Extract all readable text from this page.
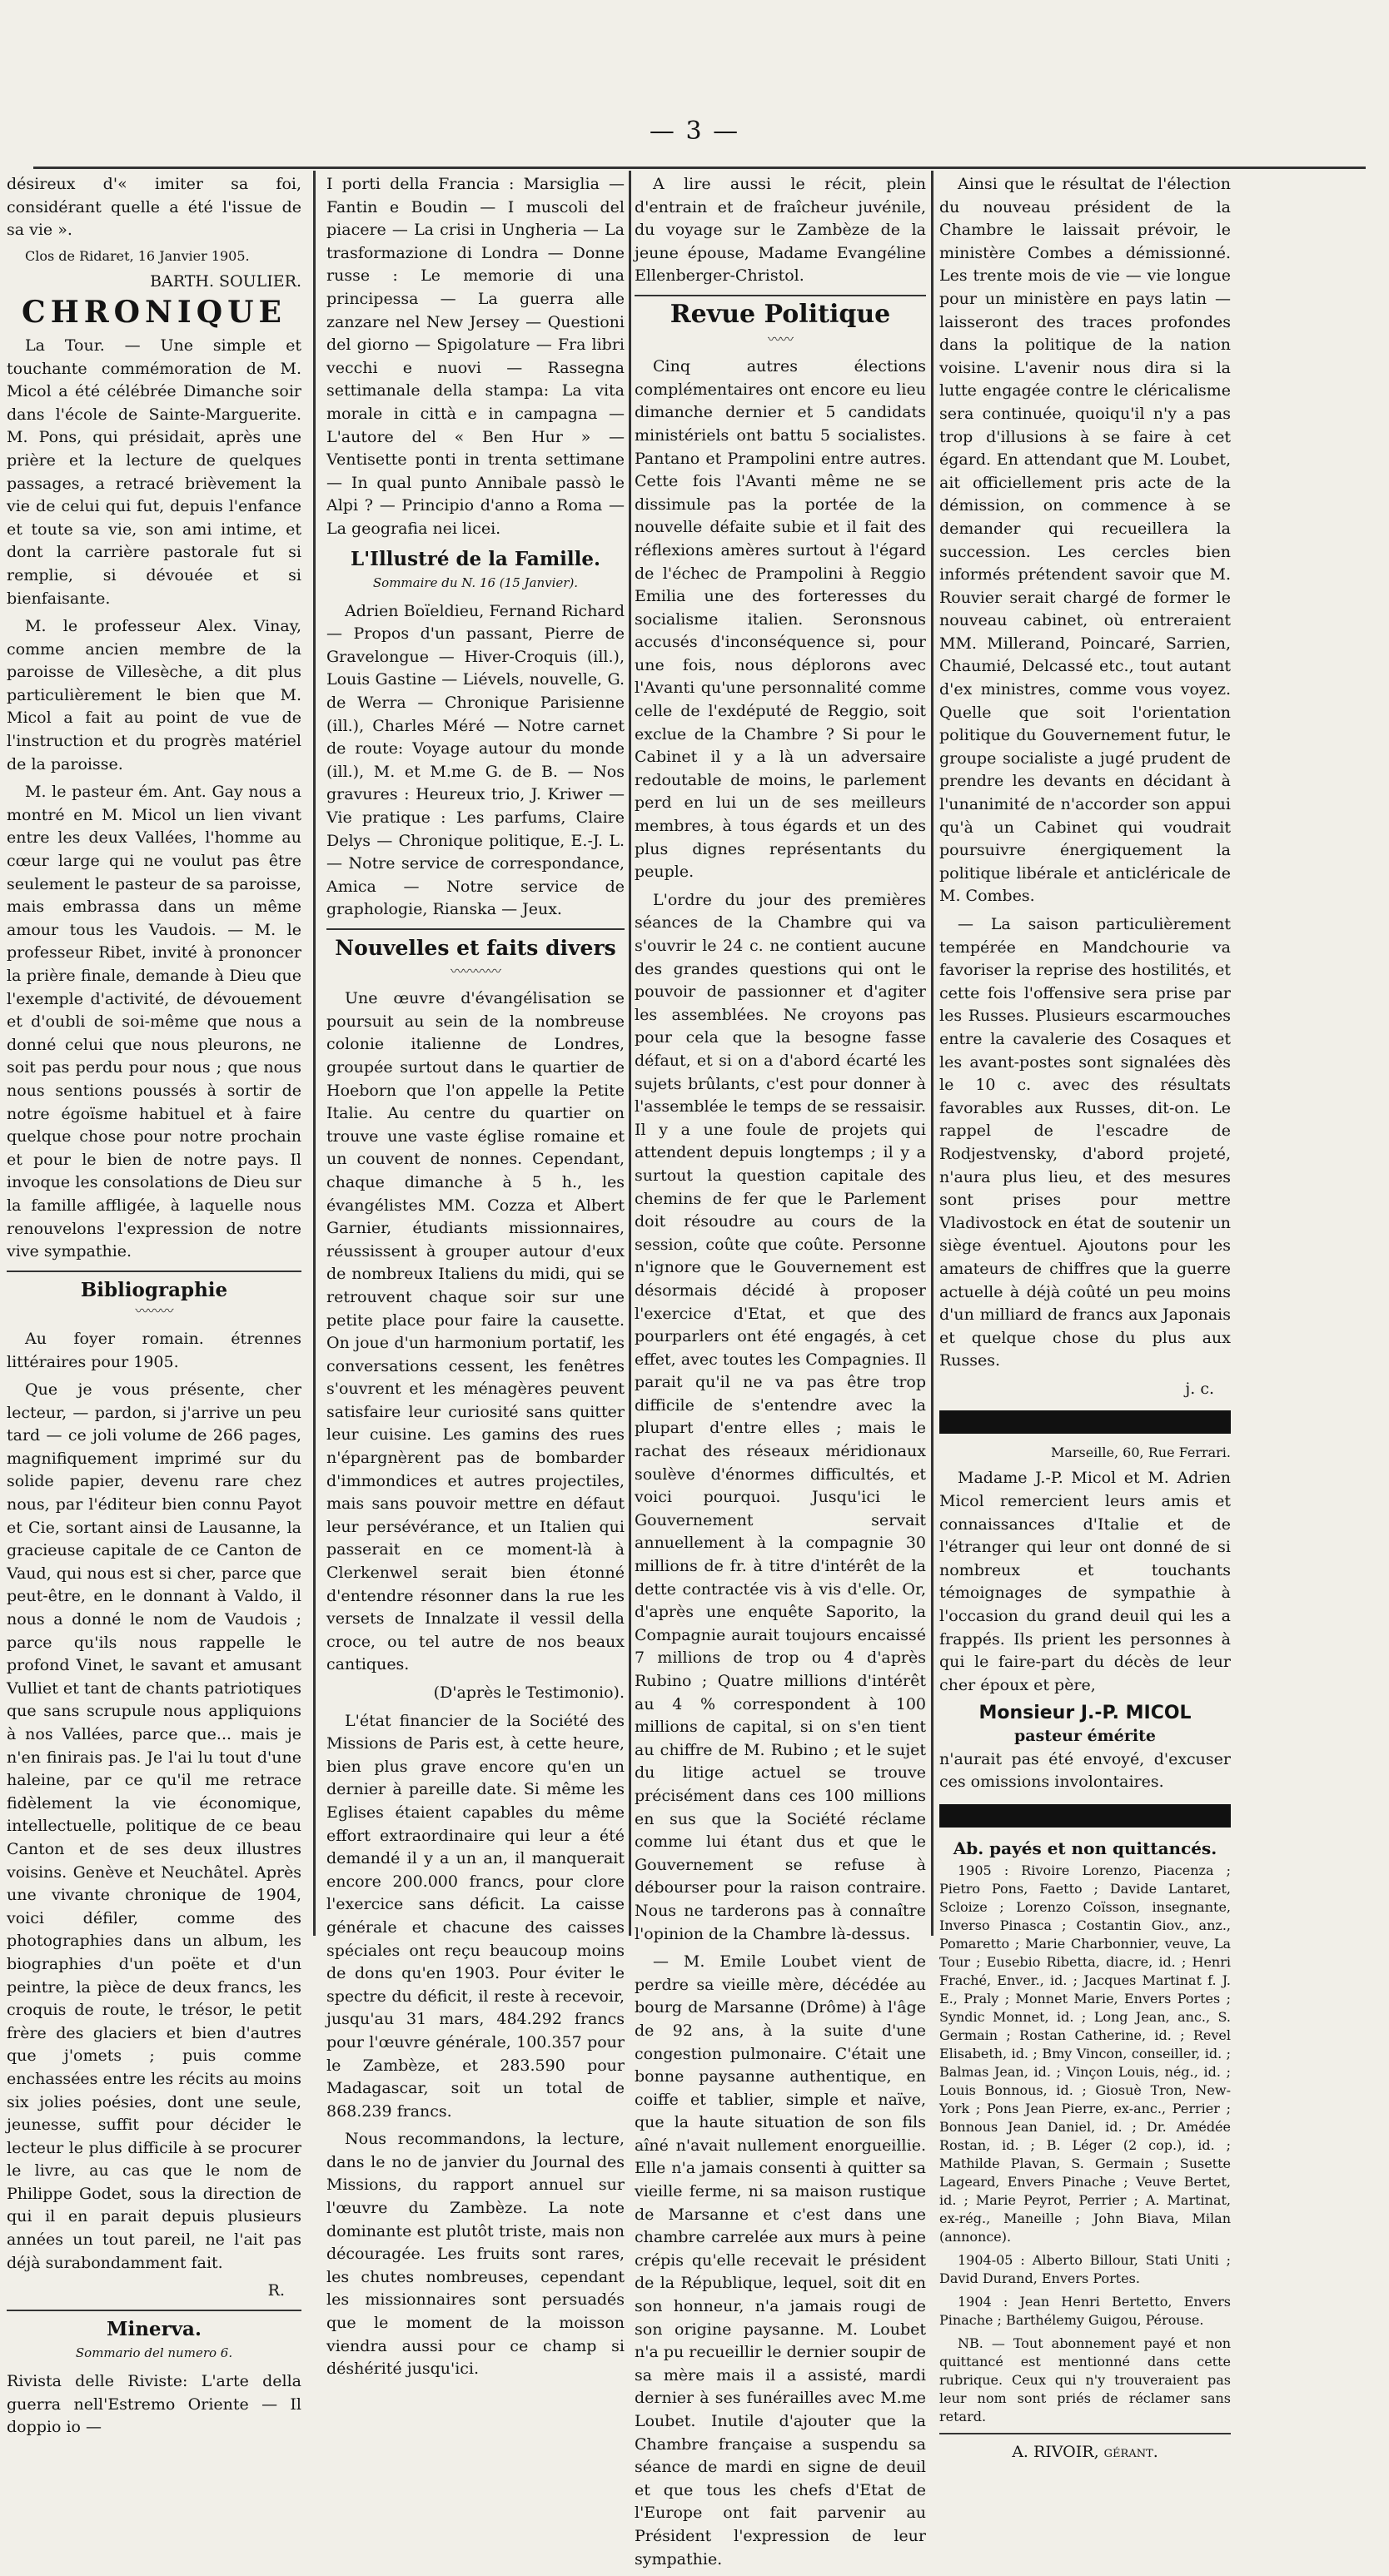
— 3 —

désireux d'« imiter sa foi, considérant quelle a été l'issue de sa vie ».

Clos de Ridaret, 16 Janvier 1905.

BARTH. SOULIER.

CHRONIQUE

La Tour. — Une simple et touchante commémoration de M. Micol a été célébrée Dimanche soir dans l'école de Sainte-Marguerite. M. Pons, qui présidait, après une prière et la lecture de quelques passages, a retracé brièvement la vie de celui qui fut, depuis l'enfance et toute sa vie, son ami intime, et dont la carrière pastorale fut si remplie, si dévouée et si bienfaisante.

M. le professeur Alex. Vinay, comme ancien membre de la paroisse de Villesèche, a dit plus particulièrement le bien que M. Micol a fait au point de vue de l'instruction et du progrès matériel de la paroisse.

M. le pasteur ém. Ant. Gay nous a montré en M. Micol un lien vivant entre les deux Vallées, l'homme au cœur large qui ne voulut pas être seulement le pasteur de sa paroisse, mais embrassa dans un même amour tous les Vaudois. — M. le professeur Ribet, invité à prononcer la prière finale, demande à Dieu que l'exemple d'activité, de dévouement et d'oubli de soi-même que nous a donné celui que nous pleurons, ne soit pas perdu pour nous ; que nous nous sentions poussés à sortir de notre égoïsme habituel et à faire quelque chose pour notre prochain et pour le bien de notre pays. Il invoque les consolations de Dieu sur la famille affligée, à laquelle nous renouvelons l'expression de notre vive sympathie.

Bibliographie
〰〰〰

Au foyer romain. étrennes littéraires pour 1905.

Que je vous présente, cher lecteur, — pardon, si j'arrive un peu tard — ce joli volume de 266 pages, magnifiquement imprimé sur du solide papier, devenu rare chez nous, par l'éditeur bien connu Payot et Cie, sortant ainsi de Lausanne, la gracieuse capitale de ce Canton de Vaud, qui nous est si cher, parce que peut-être, en le donnant à Valdo, il nous a donné le nom de Vaudois ; parce qu'ils nous rappelle le profond Vinet, le savant et amusant Vulliet et tant de chants patriotiques que sans scrupule nous appliquions à nos Vallées, parce que... mais je n'en finirais pas. Je l'ai lu tout d'une haleine, par ce qu'il me retrace fidèlement la vie économique, intellectuelle, politique de ce beau Canton et de ses deux illustres voisins. Genève et Neuchâtel. Après une vivante chronique de 1904, voici défiler, comme des photographies dans un album, les biographies d'un poëte et d'un peintre, la pièce de deux francs, les croquis de route, le trésor, le petit frère des glaciers et bien d'autres que j'omets ; puis comme enchassées entre les récits au moins six jolies poésies, dont une seule, jeunesse, suffit pour décider le lecteur le plus difficile à se procurer le livre, au cas que le nom de Philippe Godet, sous la direction de qui il en parait depuis plusieurs années un tout pareil, ne l'ait pas déjà surabondamment fait.

R.

Minerva.
Sommario del numero 6.

Rivista delle Riviste: L'arte della guerra nell'Estremo Oriente — Il doppio io —

I porti della Francia : Marsiglia — Fantin e Boudin — I muscoli del piacere — La crisi in Ungheria — La trasformazione di Londra — Donne russe : Le memorie di una principessa — La guerra alle zanzare nel New Jersey — Questioni del giorno — Spigolature — Fra libri vecchi e nuovi — Rassegna settimanale della stampa: La vita morale in città e in campagna — L'autore del « Ben Hur » — Ventisette ponti in trenta settimane — In qual punto Annibale passò le Alpi ? — Principio d'anno a Roma — La geografia nei licei.

L'Illustré de la Famille.
Sommaire du N. 16 (15 Janvier).

Adrien Boïeldieu, Fernand Richard — Propos d'un passant, Pierre de Gravelongue — Hiver-Croquis (ill.), Louis Gastine — Liévels, nouvelle, G. de Werra — Chronique Parisienne (ill.), Charles Méré — Notre carnet de route: Voyage autour du monde (ill.), M. et M.me G. de B. — Nos gravures : Heureux trio, J. Kriwer — Vie pratique : Les parfums, Claire Delys — Chronique politique, E.-J. L. — Notre service de correspondance, Amica — Notre service de graphologie, Rianska — Jeux.

Nouvelles et faits divers
〰〰〰〰

Une œuvre d'évangélisation se poursuit au sein de la nombreuse colonie italienne de Londres, groupée surtout dans le quartier de Hoeborn que l'on appelle la Petite Italie. Au centre du quartier on trouve une vaste église romaine et un couvent de nonnes. Cependant, chaque dimanche à 5 h., les évangélistes MM. Cozza et Albert Garnier, étudiants missionnaires, réussissent à grouper autour d'eux de nombreux Italiens du midi, qui se retrouvent chaque soir sur une petite place pour faire la causette. On joue d'un harmonium portatif, les conversations cessent, les fenêtres s'ouvrent et les ménagères peuvent satisfaire leur curiosité sans quitter leur cuisine. Les gamins des rues n'épargnèrent pas de bombarder d'immondices et autres projectiles, mais sans pouvoir mettre en défaut leur persévérance, et un Italien qui passerait en ce moment-là à Clerkenwel serait bien étonné d'entendre résonner dans la rue les versets de Innalzate il vessil della croce, ou tel autre de nos beaux cantiques.

(D'après le Testimonio).

L'état financier de la Société des Missions de Paris est, à cette heure, bien plus grave encore qu'en un dernier à pareille date. Si même les Eglises étaient capables du même effort extraordinaire qui leur a été demandé il y a un an, il manquerait encore 200.000 francs, pour clore l'exercice sans déficit. La caisse générale et chacune des caisses spéciales ont reçu beaucoup moins de dons qu'en 1903. Pour éviter le spectre du déficit, il reste à recevoir, jusqu'au 31 mars, 484.292 francs pour l'œuvre générale, 100.357 pour le Zambèze, et 283.590 pour Madagascar, soit un total de 868.239 francs.

Nous recommandons, la lecture, dans le no de janvier du Journal des Missions, du rapport annuel sur l'œuvre du Zambèze. La note dominante est plutôt triste, mais non découragée. Les fruits sont rares, les chutes nombreuses, cependant les missionnaires sont persuadés que le moment de la moisson viendra aussi pour ce champ si déshérité jusqu'ici.

A lire aussi le récit, plein d'entrain et de fraîcheur juvénile, du voyage sur le Zambèze de la jeune épouse, Madame Evangéline Ellenberger-Christol.

Revue Politique
〰〰

Cinq autres élections complémentaires ont encore eu lieu dimanche dernier et 5 candidats ministériels ont battu 5 socialistes. Pantano et Prampolini entre autres. Cette fois l'Avanti même ne se dissimule pas la portée de la nouvelle défaite subie et il fait des réflexions amères surtout à l'égard de l'échec de Prampolini à Reggio Emilia une des forteresses du socialisme italien. Seronsnous accusés d'inconséquence si, pour une fois, nous déplorons avec l'Avanti qu'une personnalité comme celle de l'exdéputé de Reggio, soit exclue de la Chambre ? Si pour le Cabinet il y a là un adversaire redoutable de moins, le parlement perd en lui un de ses meilleurs membres, à tous égards et un des plus dignes représentants du peuple.

L'ordre du jour des premières séances de la Chambre qui va s'ouvrir le 24 c. ne contient aucune des grandes questions qui ont le pouvoir de passionner et d'agiter les assemblées. Ne croyons pas pour cela que la besogne fasse défaut, et si on a d'abord écarté les sujets brûlants, c'est pour donner à l'assemblée le temps de se ressaisir. Il y a une foule de projets qui attendent depuis longtemps ; il y a surtout la question capitale des chemins de fer que le Parlement doit résoudre au cours de la session, coûte que coûte. Personne n'ignore que le Gouvernement est désormais décidé à proposer l'exercice d'Etat, et que des pourparlers ont été engagés, à cet effet, avec toutes les Compagnies. Il parait qu'il ne va pas être trop difficile de s'entendre avec la plupart d'entre elles ; mais le rachat des réseaux méridionaux soulève d'énormes difficultés, et voici pourquoi. Jusqu'ici le Gouvernement servait annuellement à la compagnie 30 millions de fr. à titre d'intérêt de la dette contractée vis à vis d'elle. Or, d'après une enquête Saporito, la Compagnie aurait toujours encaissé 7 millions de trop ou 4 d'après Rubino ; Quatre millions d'intérêt au 4 % correspondent à 100 millions de capital, si on s'en tient au chiffre de M. Rubino ; et le sujet du litige actuel se trouve précisément dans ces 100 millions en sus que la Société réclame comme lui étant dus et que le Gouvernement se refuse à débourser pour la raison contraire. Nous ne tarderons pas à connaître l'opinion de la Chambre là-dessus.

— M. Emile Loubet vient de perdre sa vieille mère, décédée au bourg de Marsanne (Drôme) à l'âge de 92 ans, à la suite d'une congestion pulmonaire. C'était une bonne paysanne authentique, en coiffe et tablier, simple et naïve, que la haute situation de son fils aîné n'avait nullement enorgueillie. Elle n'a jamais consenti à quitter sa vieille ferme, ni sa maison rustique de Marsanne et c'est dans une chambre carrelée aux murs à peine crépis qu'elle recevait le président de la République, lequel, soit dit en son honneur, n'a jamais rougi de son origine paysanne. M. Loubet n'a pu recueillir le dernier soupir de sa mère mais il a assisté, mardi dernier à ses funérailles avec M.me Loubet. Inutile d'ajouter que la Chambre française a suspendu sa séance de mardi en signe de deuil et que tous les chefs d'Etat de l'Europe ont fait parvenir au Président l'expression de leur sympathie.

Ainsi que le résultat de l'élection du nouveau président de la Chambre le laissait prévoir, le ministère Combes a démissionné. Les trente mois de vie — vie longue pour un ministère en pays latin — laisseront des traces profondes dans la politique de la nation voisine. L'avenir nous dira si la lutte engagée contre le cléricalisme sera continuée, quoiqu'il n'y a pas trop d'illusions à se faire à cet égard. En attendant que M. Loubet, ait officiellement pris acte de la démission, on commence à se demander qui recueillera la succession. Les cercles bien informés prétendent savoir que M. Rouvier serait chargé de former le nouveau cabinet, où entreraient MM. Millerand, Poincaré, Sarrien, Chaumié, Delcassé etc., tout autant d'ex ministres, comme vous voyez. Quelle que soit l'orientation politique du Gouvernement futur, le groupe socialiste a jugé prudent de prendre les devants en décidant à l'unanimité de n'accorder son appui qu'à un Cabinet qui voudrait poursuivre énergiquement la politique libérale et anticléricale de M. Combes.

— La saison particulièrement tempérée en Mandchourie va favoriser la reprise des hostilités, et cette fois l'offensive sera prise par les Russes. Plusieurs escarmouches entre la cavalerie des Cosaques et les avant-postes sont signalées dès le 10 c. avec des résultats favorables aux Russes, dit-on. Le rappel de l'escadre de Rodjestvensky, d'abord projeté, n'aura plus lieu, et des mesures sont prises pour mettre Vladivostock en état de soutenir un siège éventuel. Ajoutons pour les amateurs de chiffres que la guerre actuelle à déjà coûté un peu moins d'un milliard de francs aux Japonais et quelque chose du plus aux Russes.

j. c.

Marseille, 60, Rue Ferrari.

Madame J.-P. Micol et M. Adrien Micol remercient leurs amis et connaissances d'Italie et de l'étranger qui leur ont donné de si nombreux et touchants témoignages de sympathie à l'occasion du grand deuil qui les a frappés. Ils prient les personnes à qui le faire-part du décès de leur cher époux et père,

Monsieur J.-P. MICOL
pasteur émérite

n'aurait pas été envoyé, d'excuser ces omissions involontaires.

Ab. payés et non quittancés.

1905 : Rivoire Lorenzo, Piacenza ; Pietro Pons, Faetto ; Davide Lantaret, Scloize ; Lorenzo Coïsson, insegnante, Inverso Pinasca ; Costantin Giov., anz., Pomaretto ; Marie Charbonnier, veuve, La Tour ; Eusebio Ribetta, diacre, id. ; Henri Fraché, Enver., id. ; Jacques Martinat f. J. E., Praly ; Monnet Marie, Envers Portes ; Syndic Monnet, id. ; Long Jean, anc., S. Germain ; Rostan Catherine, id. ; Revel Elisabeth, id. ; Bmy Vincon, conseiller, id. ; Balmas Jean, id. ; Vinçon Louis, nég., id. ; Louis Bonnous, id. ; Giosuè Tron, New-York ; Pons Jean Pierre, ex-anc., Perrier ; Bonnous Jean Daniel, id. ; Dr. Amédée Rostan, id. ; B. Léger (2 cop.), id. ; Mathilde Plavan, S. Germain ; Susette Lageard, Envers Pinache ; Veuve Bertet, id. ; Marie Peyrot, Perrier ; A. Martinat, ex-rég., Maneille ; John Biava, Milan (annonce).

1904-05 : Alberto Billour, Stati Uniti ; David Durand, Envers Portes.

1904 : Jean Henri Bertetto, Envers Pinache ; Barthélemy Guigou, Pérouse.

NB. — Tout abonnement payé et non quittancé est mentionné dans cette rubrique. Ceux qui n'y trouveraient pas leur nom sont priés de réclamer sans retard.

A. RIVOIR, gérant.
